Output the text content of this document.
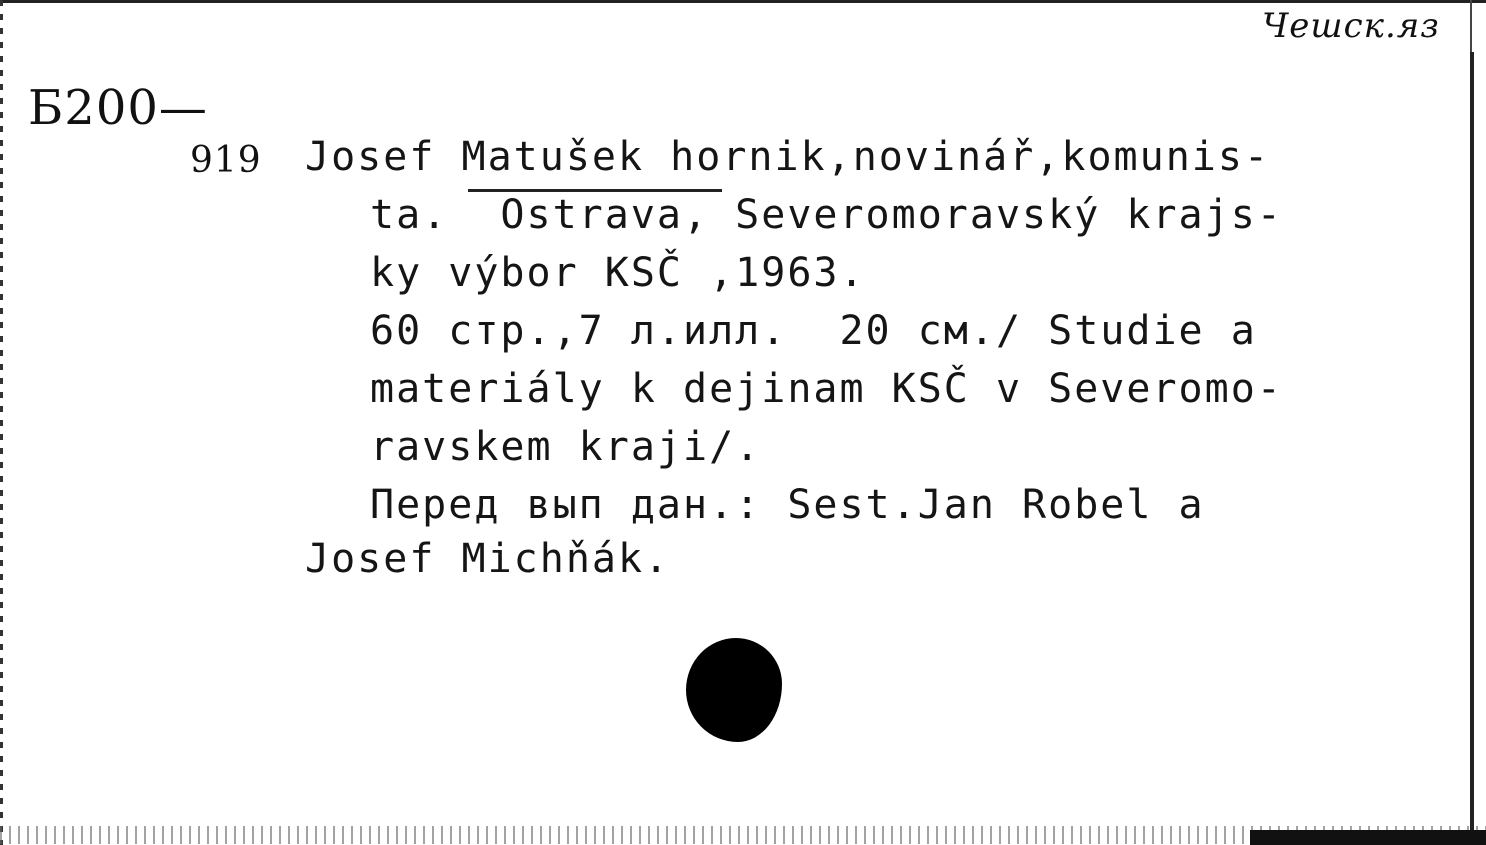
Чешск.яз
Б200—
919 Josef Matušek hornik,novinář,komunis-
ta.  Ostrava, Severomoravský krajs-
ky výbor KSČ ,1963.
60 стр.,7 л.илл.  20 см./ Studie a
materiály k dejinam KSČ v Severomo-
ravskem kraji/.
Перед вып дан.: Sest.Jan Robel a
Josef Michňák.
